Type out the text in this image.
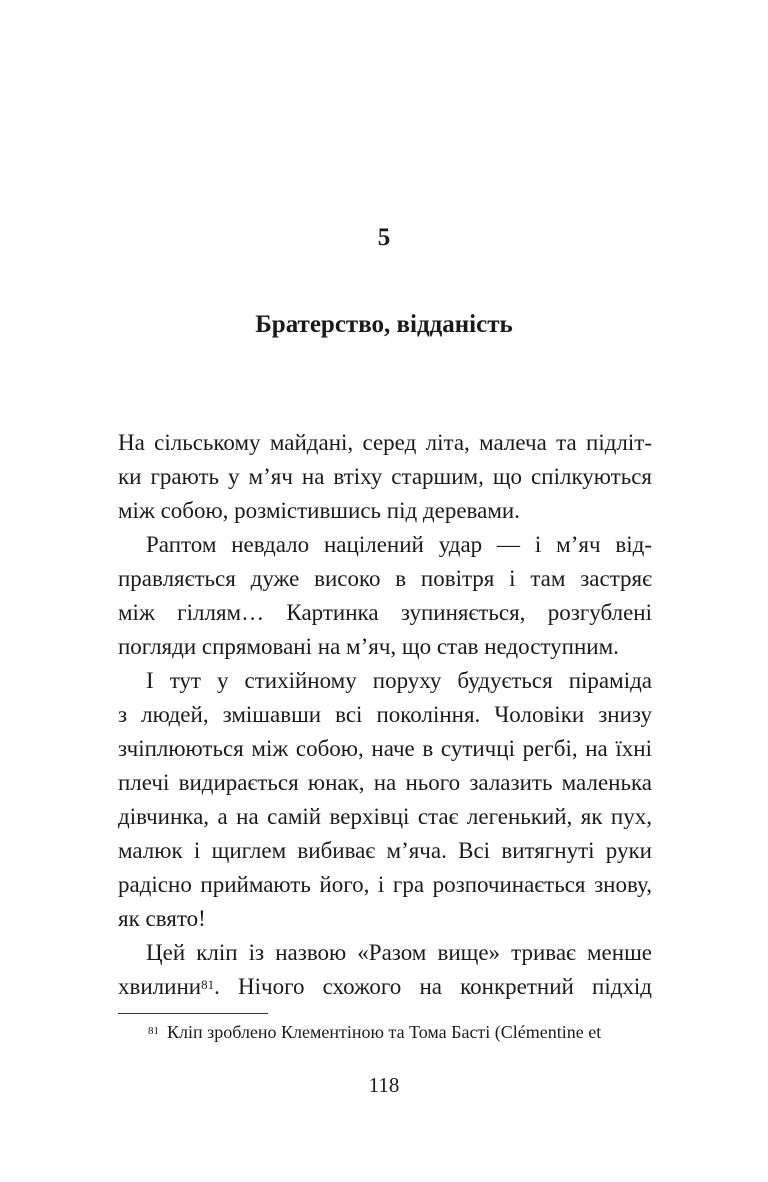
5
Братерство, відданість

На сільському майдані, серед літа, малеча та підліт-
ки грають у м’яч на втіху старшим, що спілкуються
між собою, розмістившись під деревами.

Раптом невдало націлений удар — і м’яч від-
правляється дуже високо в повітря і там застряє
між гіллям… Картинка зупиняється, розгублені
погляди спрямовані на м’яч, що став недоступним.

І тут у стихійному поруху будується піраміда
з людей, змішавши всі покоління. Чоловіки знизу
зчіплюються між собою, наче в сутичці регбі, на їхні
плечі видирається юнак, на нього залазить маленька
дівчинка, а на самій верхівці стає легенький, як пух,
малюк і щиглем вибиває м’яча. Всі витягнуті руки
радісно приймають його, і гра розпочинається знову,
як свято!

Цей кліп із назвою «Разом вище» триває менше
хвилини$^{81}$. Нічого схожого на конкретний підхід

$^{81}$ Кліп зроблено Клементіною та Тома Басті (Clémentine et
118
